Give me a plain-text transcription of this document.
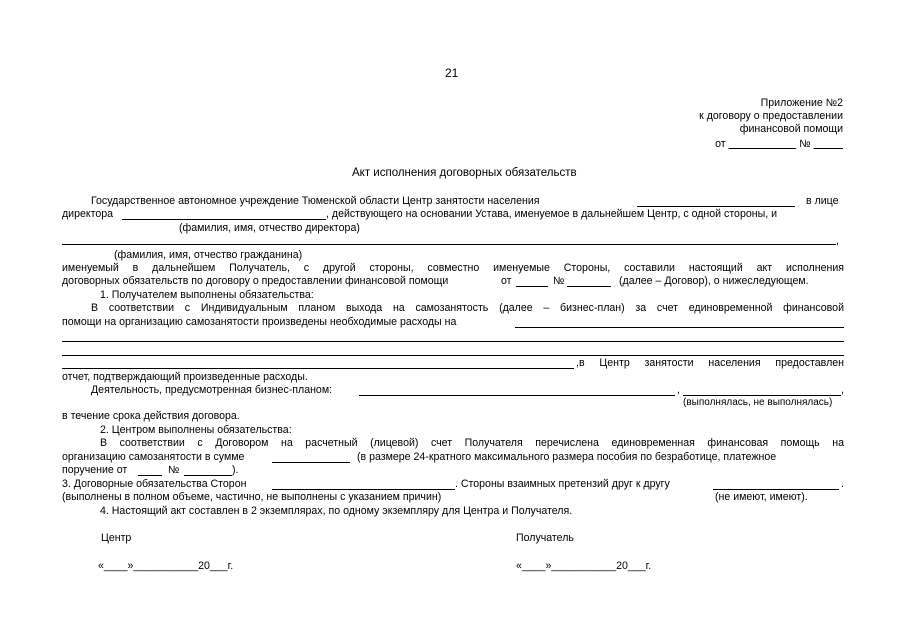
21
Приложение №2
к договору о предоставлении
финансовой помощи
от	№
Акт исполнения договорных обязательств
Государственное автономное учреждение Тюменской области Центр занятости населения	в лице
директора	, действующего на основании Устава, именуемое в дальнейшем Центр, с одной стороны, и
(фамилия, имя, отчество директора)
,
(фамилия, имя, отчество гражданина)
именуемый в дальнейшем Получатель, с другой стороны, совместно именуемые Стороны, составили настоящий акт исполнения
договорных обязательств по договору о предоставлении финансовой помощи	от	№	(далее – Договор), о нижеследующем.
1. Получателем выполнены обязательства:
В соответствии с Индивидуальным планом выхода на самозанятость (далее – бизнес-план) за счет единовременной финансовой
помощи на организацию самозанятости произведены необходимые расходы на
,в Центр занятости населения предоставлен
отчет, подтверждающий произведенные расходы.
Деятельность, предусмотренная бизнес-планом:	,	,
(выполнялась, не выполнялась)
в течение срока действия договора.
2. Центром выполнены обязательства:
В соответствии с Договором на расчетный (лицевой) счет Получателя перечислена единовременная финансовая помощь на
организацию самозанятости в сумме	(в размере 24-кратного максимального размера пособия по безработице, платежное
поручение от	№	).
3. Договорные обязательства Сторон	. Стороны взаимных претензий друг к другу	.
(выполнены в полном объеме, частично, не выполнены с указанием причин)	(не имеют, имеют).
4. Настоящий акт составлен в 2 экземплярах, по одному экземпляру для Центра и Получателя.
Центр	Получатель
«____»___________20___г.	«____»___________20___г.
